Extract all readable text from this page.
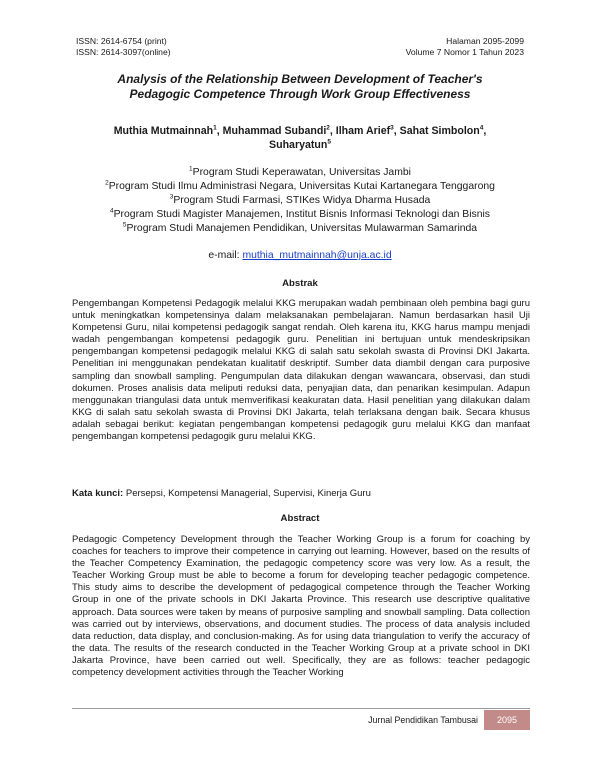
ISSN: 2614-6754 (print)
ISSN: 2614-3097(online)
Halaman 2095-2099
Volume 7 Nomor 1 Tahun 2023
Analysis of the Relationship Between Development of Teacher's
Pedagogic Competence Through Work Group Effectiveness
Muthia Mutmainnah$^1$, Muhammad Subandi$^2$, Ilham Arief$^3$, Sahat Simbolon$^4$,
Suharyatun$^5$
$^1$Program Studi Keperawatan, Universitas Jambi
$^2$Program Studi Ilmu Administrasi Negara, Universitas Kutai Kartanegara Tenggarong
$^3$Program Studi Farmasi, STIKes Widya Dharma Husada
$^4$Program Studi Magister Manajemen, Institut Bisnis Informasi Teknologi dan Bisnis
$^5$Program Studi Manajemen Pendidikan, Universitas Mulawarman Samarinda
e-mail: muthia_mutmainnah@unja.ac.id
Abstrak
Pengembangan Kompetensi Pedagogik melalui KKG merupakan wadah pembinaan oleh pembina bagi guru untuk meningkatkan kompetensinya dalam melaksanakan pembelajaran. Namun berdasarkan hasil Uji Kompetensi Guru, nilai kompetensi pedagogik sangat rendah. Oleh karena itu, KKG harus mampu menjadi wadah pengembangan kompetensi pedagogik guru. Penelitian ini bertujuan untuk mendeskripsikan pengembangan kompetensi pedagogik melalui KKG di salah satu sekolah swasta di Provinsi DKI Jakarta. Penelitian ini menggunakan pendekatan kualitatif deskriptif. Sumber data diambil dengan cara purposive sampling dan snowball sampling. Pengumpulan data dilakukan dengan wawancara, observasi, dan studi dokumen. Proses analisis data meliputi reduksi data, penyajian data, dan penarikan kesimpulan. Adapun menggunakan triangulasi data untuk memverifikasi keakuratan data. Hasil penelitian yang dilakukan dalam KKG di salah satu sekolah swasta di Provinsi DKI Jakarta, telah terlaksana dengan baik. Secara khusus adalah sebagai berikut: kegiatan pengembangan kompetensi pedagogik guru melalui KKG dan manfaat pengembangan kompetensi pedagogik guru melalui KKG.
Kata kunci: Persepsi, Kompetensi Managerial, Supervisi, Kinerja Guru
Abstract
Pedagogic Competency Development through the Teacher Working Group is a forum for coaching by coaches for teachers to improve their competence in carrying out learning. However, based on the results of the Teacher Competency Examination, the pedagogic competency score was very low. As a result, the Teacher Working Group must be able to become a forum for developing teacher pedagogic competence. This study aims to describe the development of pedagogical competence through the Teacher Working Group in one of the private schools in DKI Jakarta Province. This research use descriptive qualitative approach. Data sources were taken by means of purposive sampling and snowball sampling. Data collection was carried out by interviews, observations, and document studies. The process of data analysis included data reduction, data display, and conclusion-making. As for using data triangulation to verify the accuracy of the data. The results of the research conducted in the Teacher Working Group at a private school in DKI Jakarta Province, have been carried out well. Specifically, they are as follows: teacher pedagogic competency development activities through the Teacher Working
Jurnal Pendidikan Tambusai	2095
